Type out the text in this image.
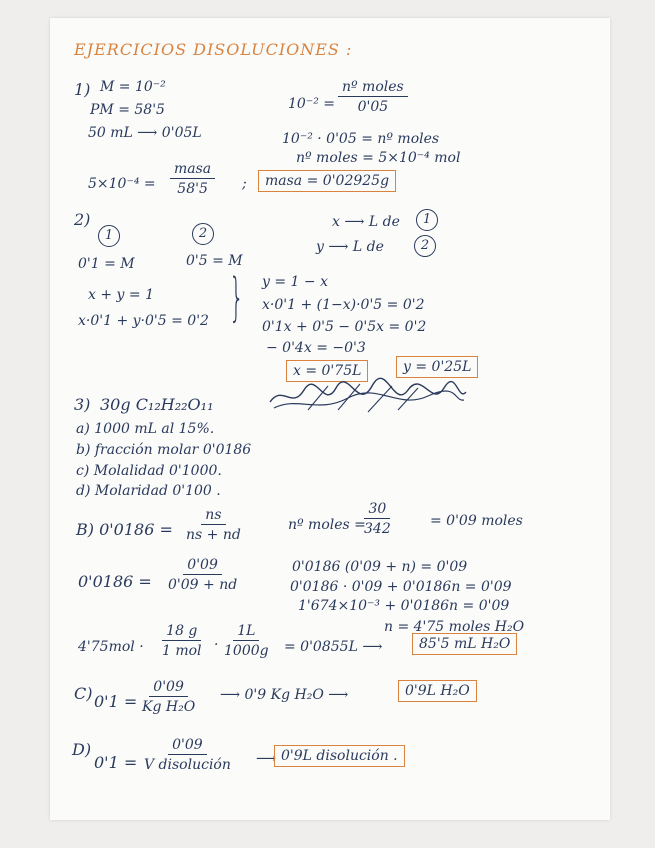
EJERCICIOS DISOLUCIONES :
1) M = 10⁻²
PM = 58'5
50 mL ⟶ 0'05L
10⁻² =
nº moles
0'05
10⁻² · 0'05 = nº moles
nº moles = 5×10⁻⁴ mol
5×10⁻⁴ =
masa
58'5 ;	masa = 0'02925g
2)
1	2
0'1 = M	0'5 = M
x ⟶ L de	1
y ⟶ L de	2
x + y = 1
x·0'1 + y·0'5 = 0'2 } y = 1 − x
x·0'1 + (1−x)·0'5 = 0'2
0'1x + 0'5 − 0'5x = 0'2
− 0'4x = −0'3
x = 0'75L	y = 0'25L
3) 30g C₁₂H₂₂O₁₁
a) 1000 mL al 15%.
b) fracción molar 0'0186
c) Molalidad 0'1000.
d) Molaridad 0'100 .
B) $0'0186 = \frac{ns}{ns + nd}$	nº moles =
$\frac{30}{342}$	= 0'09 moles
$0'0186 = \frac{0'09}{0'09 + nd}$	0'0186 (0'09 + n) = 0'09
0'0186 · 0'09 + 0'0186n = 0'09
1'674×10⁻³ + 0'0186n = 0'09
n = 4'75 moles H₂O
4'75mol ·
18 g
1 mol · $\frac{1L}{1000g} = 0'0855L$ ⟶	85'5 mL H₂O
C) $0'1 = \frac{0'09}{\text{Kg H₂O}}$ ⟶ 0'9 Kg H₂O ⟶	0'9L H₂O
D)
0'1 =
0'09
V disolución ⟶ 0'9L disolución .
